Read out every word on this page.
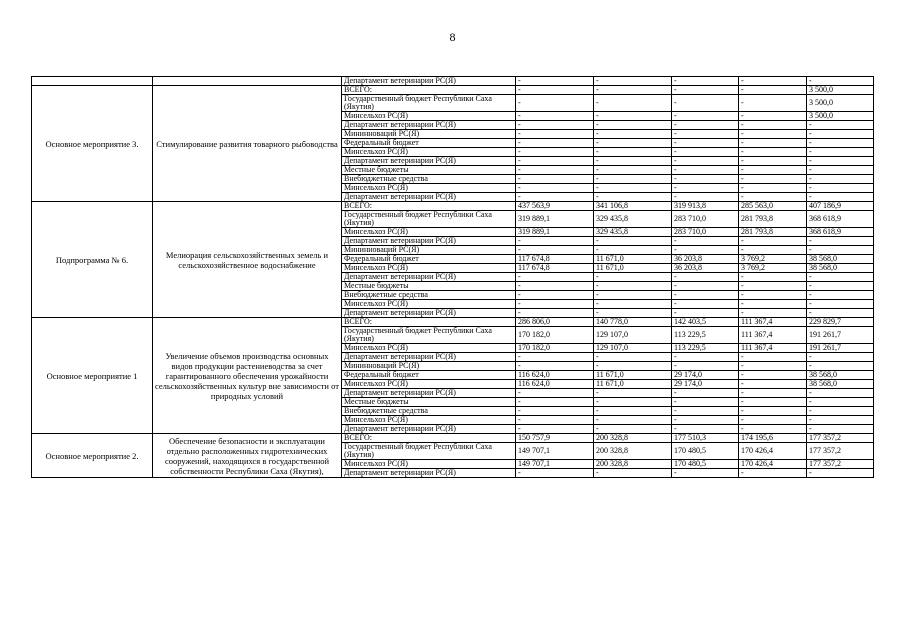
8
		Департамент ветеринарии РС(Я)	-	-	-	-	-
Основное мероприятие 3.	Стимулирование развития товарного рыбоводства	ВСЕГО:	-	-	-	-	3 500,0
		Государственный бюджет Республики Саха (Якутия)	-	-	-	-	3 500,0
		Минсельхоз РС(Я)	-	-	-	-	3 500,0
		Департамент ветеринарии РС(Я)	-	-	-	-	-
		Мининноваций РС(Я)	-	-	-	-	-
		Федеральный бюджет	-	-	-	-	-
		Минсельхоз РС(Я)	-	-	-	-	-
		Департамент ветеринарии РС(Я)	-	-	-	-	-
		Местные бюджеты	-	-	-	-	-
		Внебюджетные средства	-	-	-	-	-
		Минсельхоз РС(Я)	-	-	-	-	-
		Департамент ветеринарии РС(Я)	-	-	-	-	-
Подпрограмма № 6.	Мелиорация сельскохозяйственных земель и сельскохозяйственное водоснабжение	ВСЕГО:	437 563,9	341 106,8	319 913,8	285 563,0	407 186,9
		Государственный бюджет Республики Саха (Якутия)	319 889,1	329 435,8	283 710,0	281 793,8	368 618,9
		Минсельхоз РС(Я)	319 889,1	329 435,8	283 710,0	281 793,8	368 618,9
		Департамент ветеринарии РС(Я)	-	-	-	-	-
		Мининноваций РС(Я)	-	-	-	-	-
		Федеральный бюджет	117 674,8	11 671,0	36 203,8	3 769,2	38 568,0
		Минсельхоз РС(Я)	117 674,8	11 671,0	36 203,8	3 769,2	38 568,0
		Департамент ветеринарии РС(Я)	-	-	-	-	-
		Местные бюджеты	-	-	-	-	-
		Внебюджетные средства	-	-	-	-	-
		Минсельхоз РС(Я)	-	-	-	-	-
		Департамент ветеринарии РС(Я)	-	-	-	-	-
Основное мероприятие 1	Увеличение объемов производства основных видов продукции растениеводства за счет гарантированного обеспечения урожайности сельскохозяйственных культур вне зависимости от природных условий	ВСЕГО:	286 806,0	140 778,0	142 403,5	111 367,4	229 829,7
		Государственный бюджет Республики Саха (Якутия)	170 182,0	129 107,0	113 229,5	111 367,4	191 261,7
		Минсельхоз РС(Я)	170 182,0	129 107,0	113 229,5	111 367,4	191 261,7
		Департамент ветеринарии РС(Я)	-	-	-	-	-
		Мининноваций РС(Я)	-	-	-	-	-
		Федеральный бюджет	116 624,0	11 671,0	29 174,0	-	38 568,0
		Минсельхоз РС(Я)	116 624,0	11 671,0	29 174,0	-	38 568,0
		Департамент ветеринарии РС(Я)	-	-	-	-	-
		Местные бюджеты	-	-	-	-	-
		Внебюджетные средства	-	-	-	-	-
		Минсельхоз РС(Я)	-	-	-	-	-
		Департамент ветеринарии РС(Я)	-	-	-	-	-
Основное мероприятие 2.	Обеспечение безопасности и эксплуатации отдельно расположенных гидротехнических сооружений, находящихся в государственной собственности Республики Саха (Якутия),	ВСЕГО:	150 757,9	200 328,8	177 510,3	174 195,6	177 357,2
		Государственный бюджет Республики Саха (Якутия)	149 707,1	200 328,8	170 480,5	170 426,4	177 357,2
		Минсельхоз РС(Я)	149 707,1	200 328,8	170 480,5	170 426,4	177 357,2
		Департамент ветеринарии РС(Я)	-	-	-	-	-
